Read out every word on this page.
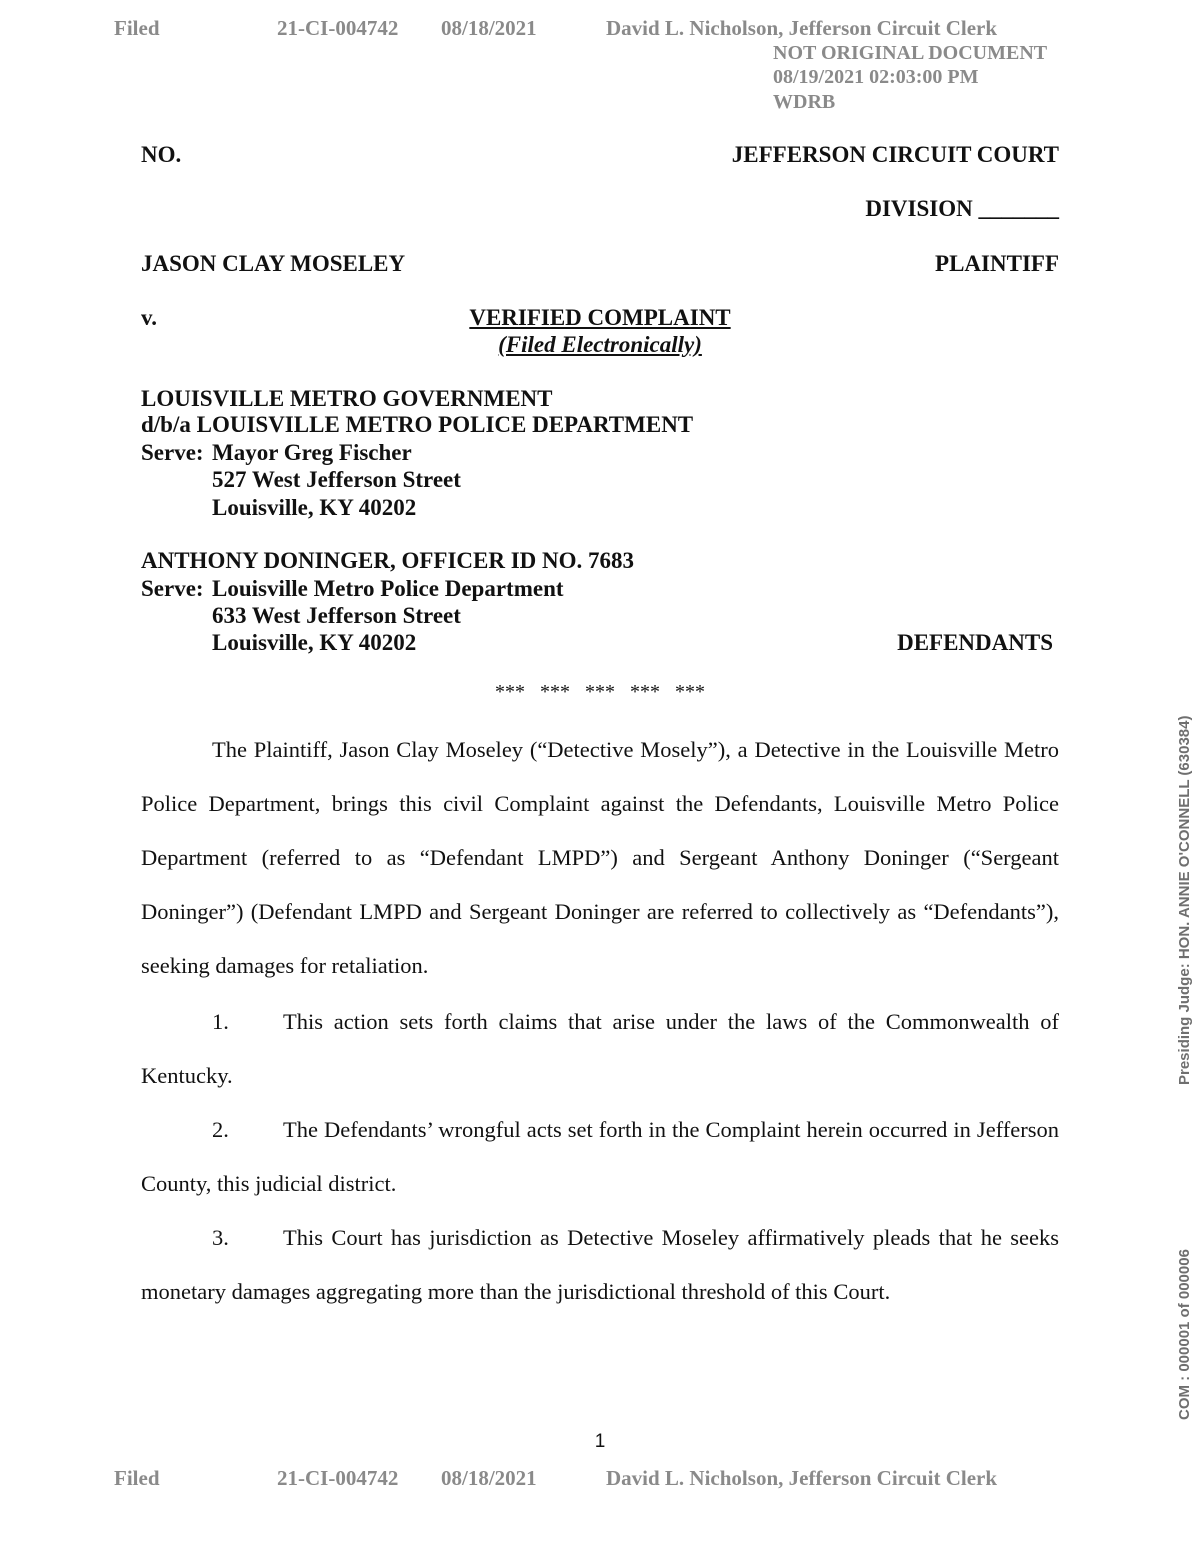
Filed	21-CI-004742 08/18/2021	David L. Nicholson, Jefferson Circuit Clerk
NOT ORIGINAL DOCUMENT
08/19/2021 02:03:00 PM
WDRB
NO.	JEFFERSON CIRCUIT COURT
DIVISION _______
JASON CLAY MOSELEY	PLAINTIFF
v.	VERIFIED COMPLAINT
(Filed Electronically)
LOUISVILLE METRO GOVERNMENT
d/b/a LOUISVILLE METRO POLICE DEPARTMENT
Serve: Mayor Greg Fischer
527 West Jefferson Street
Louisville, KY 40202
ANTHONY DONINGER, OFFICER ID NO. 7683
Serve: Louisville Metro Police Department
633 West Jefferson Street
Louisville, KY 40202	DEFENDANTS
***   ***   ***   ***   ***
The Plaintiff, Jason Clay Moseley (“Detective Mosely”), a Detective in the Louisville Metro Police Department, brings this civil Complaint against the Defendants, Louisville Metro Police Department (referred to as “Defendant LMPD”) and Sergeant Anthony Doninger (“Sergeant Doninger”) (Defendant LMPD and Sergeant Doninger are referred to collectively as “Defendants”), seeking damages for retaliation.
1. This action sets forth claims that arise under the laws of the Commonwealth of Kentucky.
2. The Defendants’ wrongful acts set forth in the Complaint herein occurred in Jefferson County, this judicial district.
3. This Court has jurisdiction as Detective Moseley affirmatively pleads that he seeks monetary damages aggregating more than the jurisdictional threshold of this Court.
1
Filed	21-CI-004742 08/18/2021	David L. Nicholson, Jefferson Circuit Clerk
Presiding Judge: HON. ANNIE O'CONNELL (630384)
COM : 000001 of 000006
